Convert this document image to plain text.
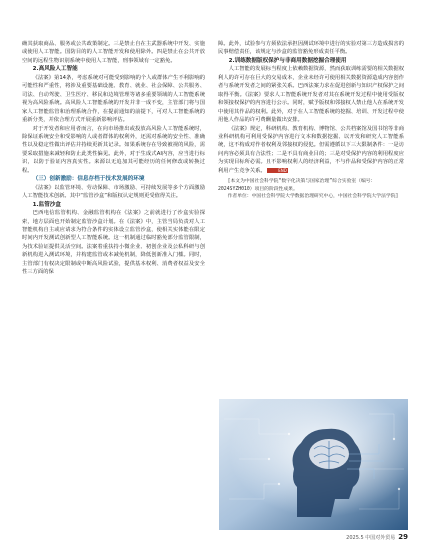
确其获取商品、服务或公共政策制定。三是禁止自在主武器系统中开发、实施或使用人工智能。国防目的的人工智能开发和使用除外。四是禁止在公共开放空间的远程生物识别系统中使用人工智能，刑事领域有一定豁免。

2.高风险人工智能

《法案》第14条，考虑系统对可能受到影响的个人或群体产生不利影响的可能性和严重性，将涉及重要基础设施、教育、就业、社会保障、公共服务、司法、自动驾驶、卫生医疗、移民和边境管理等诸多重要领域的人工智能系统视为高风险系统。高风险人工智能系统的开发并非一成不变，主管部门将与国家人工智能监管和治理系统合作，在提前通知的前提下，可对人工智能系统的重新分类，并依合理方式开展重新影响评估。

对于开发者和应用者而言，在向市场推出或投放高风险人工智能系统时，除保证系统安全和受影响的人或者群体的权利外，还需对系统的安全性、准确性以及稳定性做出评估并持续更新其记录。如果系统存在导致被视的风险，需要采取措施来减轻和防止此类性偏见。此外，对于生成式AI内容，应当进行标识，以防于验证内容真实性。来源以无追加其可能经历的任何修改或转换过程。

（三）创新激励：信息存档于技术发展的环境

《法案》以监管环境、劳动保障、市场激励、可持续发展等多个方面激励人工智能技术创新。其中“监管沙盒”和版权认定规则更受值得关注。

1.监管沙盒

巴西电信监管机构、金融监管机构在《法案》之前就进行了沙盒实验探索，地方层面也开始制定监管沙盒计划。在《法案》中，主管当局负责对人工智能机构自主或应请求为符合条件的实体设立监管沙盒，使相关实体能在限定时间内开发测试创新型人工智能系统。这一机制通过临时豁免部分监管限制，为技术验证提供灵活空间。法案着重扶持小微企业、初创企业及公私科研与创新机构进入测试环境，并构建监管或本减免机制，降低创新准入门槛。同时，主管部门有权决定限制或中断高风险试验，提供基本权利、消费者权益及安全性三方面的保

障。此外，试验参与方须依法承担因测试环境中进行的实验对第三方造成损害的民事赔偿责任，该规定与沙盒的监管豁免形成责任平衡。

2.训练数据版权保护与非商用数据挖掘合理使用

人工智能的发展标当程度上依赖数据资源，然而获取训练需要的相关数据权利人的许可存在巨大的交易成本，企业未经许可使用相关数据资源造成内容创作者与系统开发者之间的紧张关系。巴西法案力求在促进创新与知识产权保护之间取得平衡。《法案》要求人工智能系统开发者对其在系统开发过程中使用受版权和领接权保护的内容进行公示。同时，赋予版权和邻接权人禁止他人在系统开发中使用其作品的权利。此外，对于在人工智能系统的挖掘、培训、开发过程中使用他人作品的许可费酬量做出安排。

《法案》规定，科研机构、教育机构、博物馆、公共档案馆及国书馆等非商业科研机构可利用受保护内容进行文本和数据挖掘、以开发和研究人工智能系统，这不构成对作者权利及邻接权的侵犯。但需遵循以下三大限制条件：一是访问内容必须具有合法性；二是不具有商业目的；三是对受保护内容的利用程度应为实现目标所必需。且不影响权利人的经济利益，不与作品和受保护内容的正常利用产生竞争关系。	END

[本文为中国社会科学院“数字化决策与国家治理”综合实验室（编号：2024SYZH010）项目的阶段性成果。

作者单位：中国社会科学院大学数据治理研究中心，中国社会科学院大学法学院]

2025.5 中国对外贸易 29
